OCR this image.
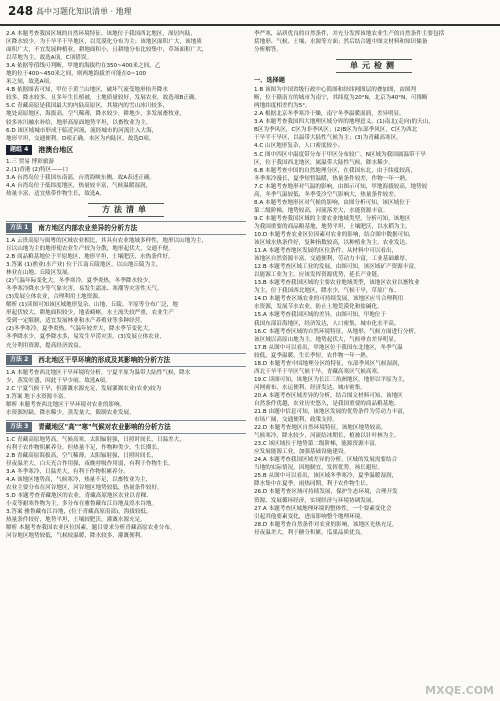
248 高中习题化知识清单 · 地理
2.A 本题考查我国区域的自然环境特征。该地位于我国西北地区，深居内陆，
区降水较少，为干旱半干旱地区，以荒漠化分布为主；该地区面积广大，该地质
面积广大，不宜发展种植业，耕地面积小，且耕地分布比较集中，草场面积广大，
以草地为主，故选A项，C项错误。
3.A 依据等值线可判断，甲地的海拔约在350~400米之间，乙
地的位于400~450米之间，则两地海拔差可能在0~100
米之间，故选A项。
4.B 依据图表可知，甲位于黄兰山地区，破坏气流受地形抬升降水
较多，降水较多，且多年生长植被，土地质量较好，发展农业，故选项B正确。
5.C 青藏高原是我国最大的内陆高原区，其境内的雪山冰川较多，
地处高原地区，海拔高，空气稀薄，降水较少，耕地少，多发展畜牧业，
较多冰川融水补给，地形高原面地势平坦，以畜牧业为主。
6.D 该区域城市形成于临近河流，流经城市的河流注入大海，
地形平坦，交通便利。D项正确，本区为内陆区，故选D项。
题组 4	港澳台地区
1.三 贸易 博彩旅游
2.(1)香港 (2)特区——口
3.A 台湾岛位于我国东南部，台湾海峡东侧，故A表述正确。
4.A 台湾岛位于低纬度地区，热量较丰富，气候温暖湿润，
热量丰富，适宜热带作物生长，故选A。
方法清单
方法 1	南方地区内部农业差异的分析方法
1.A 云贵高原与闽粤的区域农业相比，其具有农业地域多样性，地形以山地为主，
且以山地为主的地形使农业生产较为分散，地形起伏大，交通不便。
2.B 商品粮基地位于平原地区，地形平坦，土壤肥沃，水热条件好。
3.答案 (1)渔业(水产业) 位于江南丘陵地区，以山地丘陵为主，
林业在山地、丘陵区发展。
(2)气温年际变化大，冬季寒冷，夏季炎热，冬季降水较少，
冬季寒冷降水少等气象灾害，易发生霜冻、寒潮等灾害性天气。
(3)发展立体农业，合理利用土地资源。
解析 (1)读图可知该区域地形复杂，山地、丘陵、平原等分布广泛，地
形起伏较大，耕地面积较少，地表崎岖，水土流失较严重，农业生产
受到一定限制，适宜发展林业和水产养殖业等多种经营。
(2)冬季寒冷，夏季炎热，气温年较差大，降水季节变化大，
冬季降水少，夏季降水多，易发生旱涝灾害。(3)发展立体农业，
充分利用资源，提高经济效益。
方法 2	西北地区干旱环境的形成及其影响的分析方法
1.A 本题考查西北地区干旱环境的分析。宁夏平原为温带大陆性气候，降水
少，蒸发旺盛，因此干旱少雨。故选A项。
2.C 宁夏气候干旱，但灌溉水源充足，发展灌溉农业(农业)较为
3.答案 地下水资源丰富。
解析 本题考查西北地区干旱环境对农业的影响。
水资源短缺，降水稀少，蒸发量大，限制农业发展。
方法 3	青藏地区"高""寒"气候对农业影响的分析方法
1.C 青藏高原地势高，气候高寒，太阳辐射强，日照时间长，日温差大，
有利于农作物积累养分，但热量不足，作物种类少，生长期长。
2.B 青藏高原海拔高，空气稀薄，太阳辐射强，日照时间长，
昼夜温差大，白天光合作用强，夜晚呼吸作用弱，有利于作物生长。
3.A 冬季寒冷，日温差大，有利于作物积累养分。
4.A 该地区地势高，气候寒冷，热量不足，以畜牧业为主，
农业主要分布在河谷地区，河谷地区地势较低，热量条件较好。
5.D 本题考查青藏地区的农业，青藏高原地区农业以青稞、
小麦等耐寒作物为主，多分布在雅鲁藏布江谷地及湟水谷地。
3.答案 雅鲁藏布江谷地，(位于青藏高原南部)，海拔较低，
热量条件较好，地势平坦，土壤较肥沃，灌溉水源充足。
解析 本题考查我国农业区位因素，题目要求分析青藏高原农业分布，
河谷地区地势较低，气候较温暖，降水较多，灌溉便利。
季严寒，品质优良的自然条件，并充分发挥该地农业生产的自然条件主要包括
括地形、气候、土壤、水源等方面；然后结合题中图文材料和知识储备
分析解答。
单元检测
一、选择题
1.B 该图为中国省级行政中心简图和经纬网图层的叠加图，由图判
断，位于赣南方的城市为南宁，其纬度为20°N，北京为40°N，可推断
两地纬度相差约为5°。
2.A 根据北京冬季寒冷干燥，南宁冬季温暖湿润，差异明显。
3.A 本题考查我国四大地理区域分界的地理意义。(1)南北(走向)的天山，
B区为季风区，C区为非季风区；(2)B区为东部季风区，C区为西北
干旱半干旱区，以温带大陆性气候为主；(3)为青藏高寒区。
4.C 山区地形复杂，人口密度较小。
5.C 图中四区中温度带分布于甲区分布较广，N区域为我国属温带干旱
区，位于我国西北地区，属温带大陆性气候，降水稀少。
6.B 本题考查中国的自然地理分区，在我国东北，由于纬度较高，
冬季寒冷漫长，夏季短暂温暖，热量条件较差，作物一年一熟。
7.C 本题考查地形对气温的影响，由图示可知，甲地海拔较高，地势较
高，冬季气温较低，冬季受冷空气影响大，热量条件较差。
8.A 本题考查地形区对气候的影响，由图分析可知，该区域位于
第二级阶梯，地势较高，河流落差大，水能资源丰富。
9.C 本题考查我国区域的主要农业地域类型，分析可知，该地区
为我国重要的商品粮基地，地势平坦，土壤肥沃，以水稻为主。
10.D 本题考查农业区位因素对农业的影响，结合图中数据可知，
该区域水热条件好，复种指数较高，以种植业为主，农业发达。
11.A 本题考查地区发展的区位条件，从材料中可以看出，
该地区自然资源丰富，交通便利，劳动力丰富，工业基础雄厚。
12.B 本题考查区域工业的发展，由图可知，该区域矿产资源丰富，
以能源工业为主，应该发挥资源优势，延长产业链。
13.B 本题考查我国区域的主要农业地域类型，该地区农业以畜牧业
为主，位于我国西北地区，降水少，气候干旱，草原广布。
14.D 本题考查区域农业的可持续发展，该地区应当合理利用
水资源，发展节水农业，防止土地荒漠化和盐碱化。
15.A 本题考查我国区域的差异，由图可知，甲地位于
我国东部沿海地区，经济发达，人口密集，城市化水平高。
16.C 本题考查区域的自然环境特征，从地形、气候方面进行分析，
该区域以高原山地为主，地势起伏大，气候垂直差异明显。
17.B 从图中可以看出，甲地区位于我国东北地区，冬季气温
较低，夏季温暖，生长季短，农作物一年一熟。
18.D 本题考查中国地理分区的特征，东部季风区气候湿润，
西北干旱半干旱区气候干旱，青藏高寒区气候高寒。
19.C 读图可知，该地区为长江三角洲地区，地形以平原为主，
河网密布，水运便利，经济发达，城市密集。
20.A 本题考查区域差异的分析，结合图文材料可知，该地区
自然条件优越，农业历史悠久，是我国重要的商品粮基地。
21.B 由题中信息可知，该地区发展的优势条件为劳动力丰富，
市场广阔，交通便利，政策支持。
22.D 本题考查地区自然环境特征，该地区地势较高，
气候寒冷，降水较少，河流结冰期长，植被以针叶林为主。
23.C 该区域位于地势第二级阶梯，能源资源丰富，
应发展能源工业，加强基础设施建设。
24.A 本题考查我国区域差异的分析。区域的发展需要结合
当地的实际情况，因地制宜，发挥优势，扬长避短。
25.B 从图中可以看出，该区域冬季寒冷，夏季温暖湿润，
降水集中在夏季，雨热同期，利于农作物生长。
26.D 本题考查区域可持续发展，保护生态环境，合理开发
资源，发展循环经济，实现经济与环境协调发展。
27.A 本题考查区域地理环境的整体性，一个要素变化会
引起其他要素变化，进而影响整个地理环境。
28.D 本题考查自然条件对农业的影响，该地区光热充足，
昼夜温差大，利于糖分积累，瓜果品质优良。
MXQE.COM
